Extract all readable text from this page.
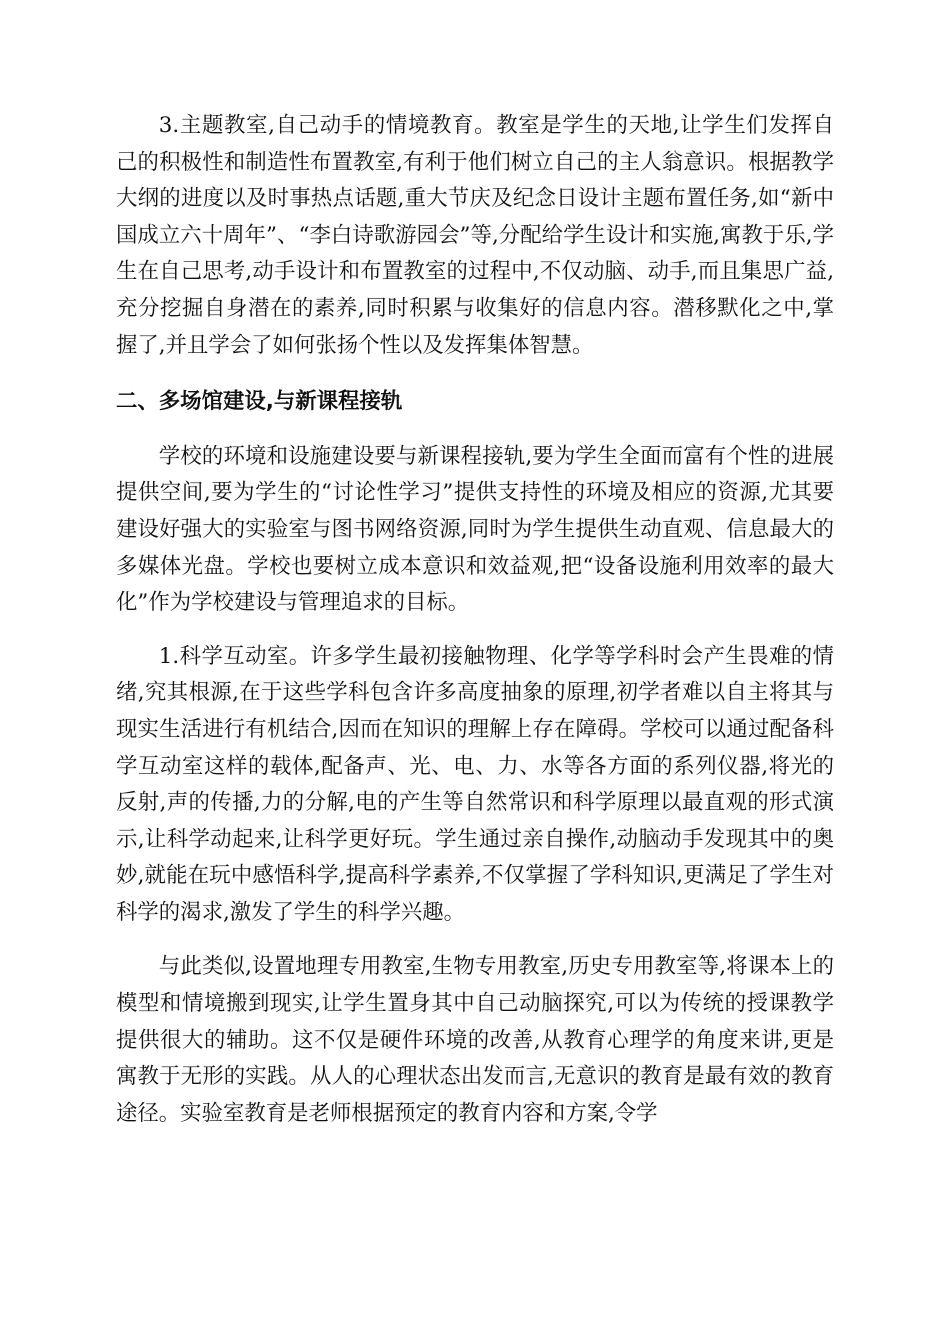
3.主题教室,自己动手的情境教育。教室是学生的天地,让学生们发挥自己的积极性和制造性布置教室,有利于他们树立自己的主人翁意识。根据教学大纲的进度以及时事热点话题,重大节庆及纪念日设计主题布置任务,如“新中国成立六十周年”、“李白诗歌游园会”等,分配给学生设计和实施,寓教于乐,学生在自己思考,动手设计和布置教室的过程中,不仅动脑、动手,而且集思广益,充分挖掘自身潜在的素养,同时积累与收集好的信息内容。潜移默化之中,掌握了,并且学会了如何张扬个性以及发挥集体智慧。

二、多场馆建设,与新课程接轨

学校的环境和设施建设要与新课程接轨,要为学生全面而富有个性的进展提供空间,要为学生的“讨论性学习”提供支持性的环境及相应的资源,尤其要建设好强大的实验室与图书网络资源,同时为学生提供生动直观、信息最大的多媒体光盘。学校也要树立成本意识和效益观,把“设备设施利用效率的最大化”作为学校建设与管理追求的目标。

1.科学互动室。许多学生最初接触物理、化学等学科时会产生畏难的情绪,究其根源,在于这些学科包含许多高度抽象的原理,初学者难以自主将其与现实生活进行有机结合,因而在知识的理解上存在障碍。学校可以通过配备科学互动室这样的载体,配备声、光、电、力、水等各方面的系列仪器,将光的反射,声的传播,力的分解,电的产生等自然常识和科学原理以最直观的形式演示,让科学动起来,让科学更好玩。学生通过亲自操作,动脑动手发现其中的奥妙,就能在玩中感悟科学,提高科学素养,不仅掌握了学科知识,更满足了学生对科学的渴求,激发了学生的科学兴趣。

与此类似,设置地理专用教室,生物专用教室,历史专用教室等,将课本上的模型和情境搬到现实,让学生置身其中自己动脑探究,可以为传统的授课教学提供很大的辅助。这不仅是硬件环境的改善,从教育心理学的角度来讲,更是寓教于无形的实践。从人的心理状态出发而言,无意识的教育是最有效的教育途径。实验室教育是老师根据预定的教育内容和方案,令学
